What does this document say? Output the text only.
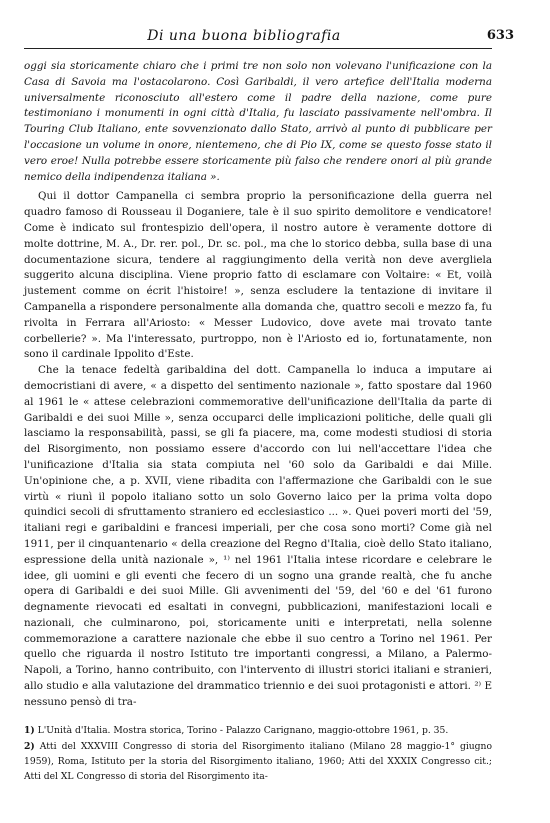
Di una buona bibliografia	633

oggi sia storicamente chiaro che i primi tre non solo non volevano l'unificazione con la Casa di Savoia ma l'ostacolarono. Così Garibaldi, il vero artefice dell'Italia moderna universalmente riconosciuto all'estero come il padre della nazione, come pure testimoniano i monumenti in ogni città d'Italia, fu lasciato passivamente nell'ombra. Il Touring Club Italiano, ente sovvenzionato dallo Stato, arrivò al punto di pubblicare per l'occasione un volume in onore, nientemeno, che di Pio IX, come se questo fosse stato il vero eroe! Nulla potrebbe essere storicamente più falso che rendere onori al più grande nemico della indipendenza italiana ».

Qui il dottor Campanella ci sembra proprio la personificazione della guerra nel quadro famoso di Rousseau il Doganiere, tale è il suo spirito demolitore e vendicatore! Come è indicato sul frontespizio dell'opera, il nostro autore è veramente dottore di molte dottrine, M. A., Dr. rer. pol., Dr. sc. pol., ma che lo storico debba, sulla base di una documentazione sicura, tendere al raggiungimento della verità non deve avergliela suggerito alcuna disciplina. Viene proprio fatto di esclamare con Voltaire: « Et, voilà justement comme on écrit l'histoire! », senza escludere la tentazione di invitare il Campanella a rispondere personalmente alla domanda che, quattro secoli e mezzo fa, fu rivolta in Ferrara all'Ariosto: « Messer Ludovico, dove avete mai trovato tante corbellerie? ». Ma l'interessato, purtroppo, non è l'Ariosto ed io, fortunatamente, non sono il cardinale Ippolito d'Este.

Che la tenace fedeltà garibaldina del dott. Campanella lo induca a imputare ai democristiani di avere, « a dispetto del sentimento nazionale », fatto spostare dal 1960 al 1961 le « attese celebrazioni commemorative dell'unificazione dell'Italia da parte di Garibaldi e dei suoi Mille », senza occuparci delle implicazioni politiche, delle quali gli lasciamo la responsabilità, passi, se gli fa piacere, ma, come modesti studiosi di storia del Risorgimento, non possiamo essere d'accordo con lui nell'accettare l'idea che l'unificazione d'Italia sia stata compiuta nel '60 solo da Garibaldi e dai Mille. Un'opinione che, a p. XVII, viene ribadita con l'affermazione che Garibaldi con le sue virtù « riunì il popolo italiano sotto un solo Governo laico per la prima volta dopo quindici secoli di sfruttamento straniero ed ecclesiastico ... ». Quei poveri morti del '59, italiani regi e garibaldini e francesi imperiali, per che cosa sono morti? Come già nel 1911, per il cinquantenario « della creazione del Regno d'Italia, cioè dello Stato italiano, espressione della unità nazionale », ¹⁾ nel 1961 l'Italia intese ricordare e celebrare le idee, gli uomini e gli eventi che fecero di un sogno una grande realtà, che fu anche opera di Garibaldi e dei suoi Mille. Gli avvenimenti del '59, del '60 e del '61 furono degnamente rievocati ed esaltati in convegni, pubblicazioni, manifestazioni locali e nazionali, che culminarono, poi, storicamente uniti e interpretati, nella solenne commemorazione a carattere nazionale che ebbe il suo centro a Torino nel 1961. Per quello che riguarda il nostro Istituto tre importanti congressi, a Milano, a Palermo-Napoli, a Torino, hanno contribuito, con l'intervento di illustri storici italiani e stranieri, allo studio e alla valutazione del drammatico triennio e dei suoi protagonisti e attori. ²⁾ E nessuno pensò di tra-

1) L'Unità d'Italia. Mostra storica, Torino - Palazzo Carignano, maggio-ottobre 1961, p. 35.

2) Atti del XXXVIII Congresso di storia del Risorgimento italiano (Milano 28 maggio-1° giugno 1959), Roma, Istituto per la storia del Risorgimento italiano, 1960; Atti del XXXIX Congresso cit.; Atti del XL Congresso di storia del Risorgimento ita-
